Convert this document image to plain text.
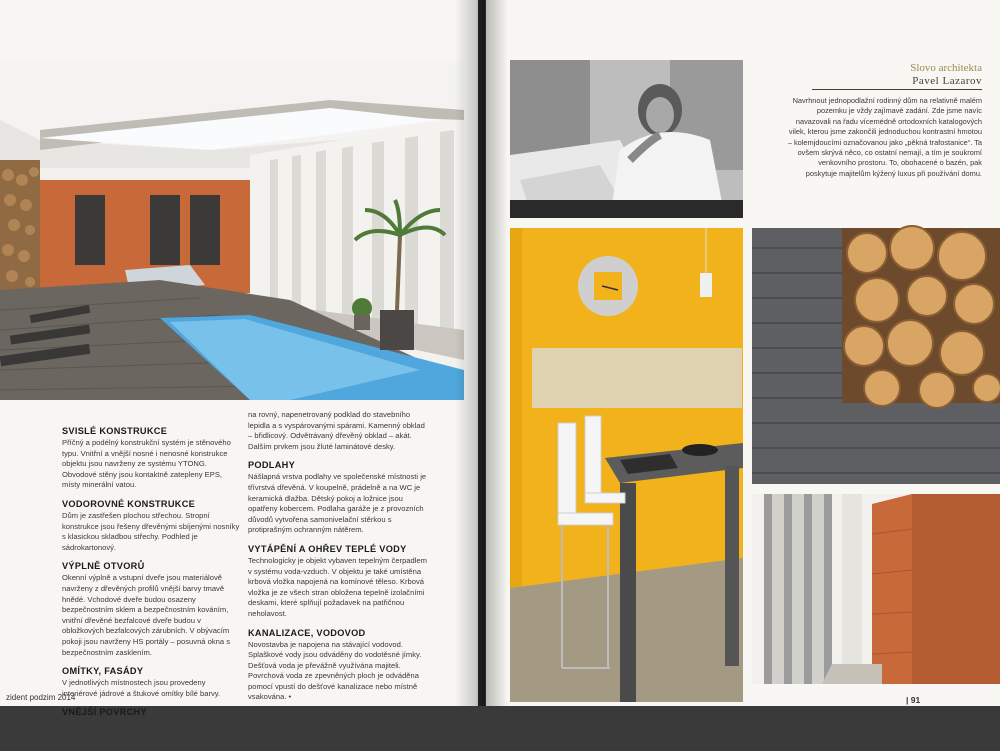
SVISLÉ KONSTRUKCE

Příčný a podélný konstrukční systém je stěnového typu. Vnitřní a vnější nosné i nenosné konstrukce objektu jsou navrženy ze systému YTONG. Obvodové stěny jsou kontaktně zatepleny EPS, místy minerální vatou.

VODOROVNÉ KONSTRUKCE

Dům je zastřešen plochou střechou. Stropní konstrukce jsou řešeny dřevěnými sbíjenými nosníky s klasickou skladbou střechy. Podhled je sádrokartonový.

VÝPLNĚ OTVORŮ

Okenní výplně a vstupní dveře jsou materiálově navrženy z dřevěných profilů vnější barvy tmavě hnědé. Vchodové dveře budou osazeny bezpečnostním sklem a bezpečnostním kováním, vnitřní dřevěné bezfalcové dveře budou v obložkových bezfalcových zárubních. V obývacím pokoji jsou navrženy HS portály – posuvná okna s bezpečnostním zasklením.

OMÍTKY, FASÁDY

V jednotlivých místnostech jsou provedeny interiérové jádrové a štukové omítky bílé barvy.

VNĚJŠÍ POVRCHY

Bílá tenkovrstvá fasádní omítka je provedena na povrch kontaktního zateplení z EPS. Kamenný obklad je lepený

na rovný, napenetrovaný podklad do stavebního lepidla a s vyspárovanými spárami. Kamenný obklad – břidlicový. Odvětrávaný dřevěný obklad – akát. Dalším prvkem jsou žluté laminátové desky.

PODLAHY

Nášlapná vrstva podlahy ve společenské místnosti je třívrstvá dřevěná. V koupelně, prádelně a na WC je keramická dlažba. Dětský pokoj a ložnice jsou opatřeny kobercem. Podlaha garáže je z provozních důvodů vytvořena samonivelační stěrkou s protiprašným ochranným nátěrem.

VYTÁPĚNÍ A OHŘEV TEPLÉ VODY

Technologicky je objekt vybaven tepelným čerpadlem v systému voda-vzduch. V objektu je také umístěna krbová vložka napojená na komínové těleso. Krbová vložka je ze všech stran obložena tepelně izolačními deskami, které splňují požadavek na patřičnou neholavost.

KANALIZACE, VODOVOD

Novostavba je napojena na stávající vodovod. Splaškové vody jsou odváděny do vodotěsné jímky. Dešťová voda je převážně využívána majiteli. Povrchová voda ze zpevněných ploch je odváděna pomocí vpustí do dešťové kanalizace nebo místně vsakována. •

zident podzim 2014
Slovo architekta
Pavel Lazarov
Navrhnout jednopodlažní rodinný dům na relativně malém pozemku je vždy zajímavé zadání. Zde jsme navíc navazovali na řadu vícemédně ortodoxních katalogových vilek, kterou jsme zakončili jednoduchou kontrastní hmotou – kolemjdoucími označovanou jako „pěkná trafostanice“. Ta ovšem skrývá něco, co ostatní nemají, a tím je soukromí venkovního prostoru. To, obohacené o bazén, pak poskytuje majitelům kýžený luxus při používání domu.
| 91
